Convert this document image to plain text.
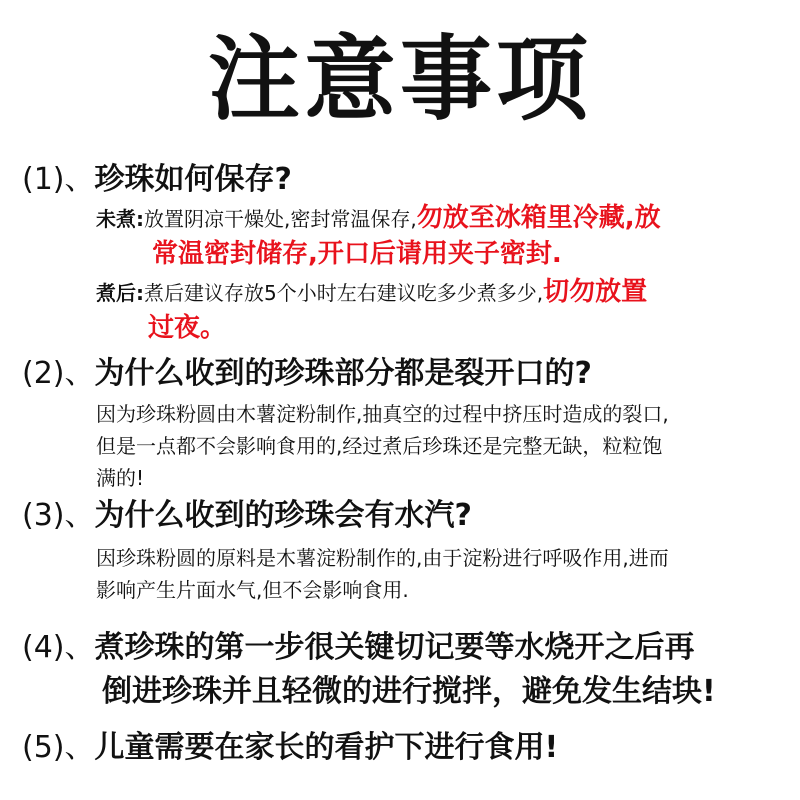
注意事项
(1)、珍珠如何保存?
未煮:放置阴凉干燥处,密封常温保存,勿放至冰箱里冷藏,放
常温密封储存,开口后请用夹子密封.
煮后:煮后建议存放5个小时左右建议吃多少煮多少,切勿放置
过夜。
(2)、为什么收到的珍珠部分都是裂开口的?
因为珍珠粉圆由木薯淀粉制作,抽真空的过程中挤压时造成的裂口,
但是一点都不会影响食用的,经过煮后珍珠还是完整无缺，粒粒饱
满的!
(3)、为什么收到的珍珠会有水汽?
因珍珠粉圆的原料是木薯淀粉制作的,由于淀粉进行呼吸作用,进而
影响产生片面水气,但不会影响食用.
(4)、煮珍珠的第一步很关键切记要等水烧开之后再
倒进珍珠并且轻微的进行搅拌，避免发生结块!
(5)、儿童需要在家长的看护下进行食用!
